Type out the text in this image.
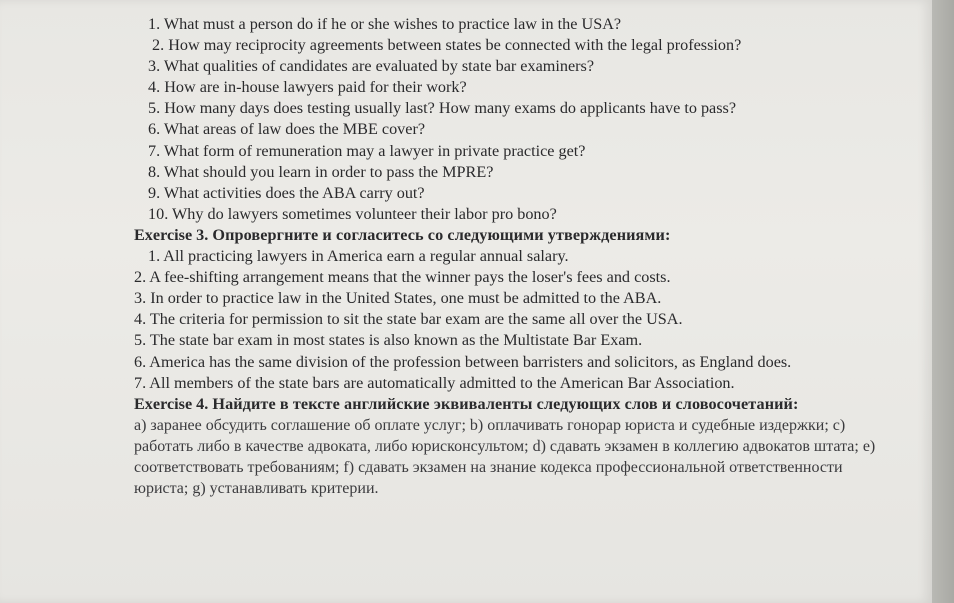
1. What must a person do if he or she wishes to practice law in the USA?

2. How may reciprocity agreements between states be connected with the legal profession?

3. What qualities of candidates are evaluated by state bar examiners?

4. How are in-house lawyers paid for their work?

5. How many days does testing usually last? How many exams do applicants have to pass?

6. What areas of law does the MBE cover?

7. What form of remuneration may a lawyer in private practice get?

8. What should you learn in order to pass the MPRE?

9. What activities does the ABA carry out?

10. Why do lawyers sometimes volunteer their labor pro bono?

Exercise 3. Опровергните и согласитесь со следующими утверждениями:

1. All practicing lawyers in America earn a regular annual salary.

2. A fee-shifting arrangement means that the winner pays the loser's fees and costs.

3. In order to practice law in the United States, one must be admitted to the ABA.

4. The criteria for permission to sit the state bar exam are the same all over the USA.

5. The state bar exam in most states is also known as the Multistate Bar Exam.

6. America has the same division of the profession between barristers and solicitors, as England does.

7. All members of the state bars are automatically admitted to the American Bar Association.

Exercise 4. Найдите в тексте английские эквиваленты следующих слов и словосочетаний:

а) заранее обсудить соглашение об оплате услуг; b) оплачивать гонорар юриста и судебные издержки; c) работать либо в качестве адвоката, либо юрисконсультом; d) сдавать экзамен в коллегию адвокатов штата; e) соответствовать требованиям; f) сдавать экзамен на знание кодекса профессиональной ответственности юриста; g) устанавливать критерии.
